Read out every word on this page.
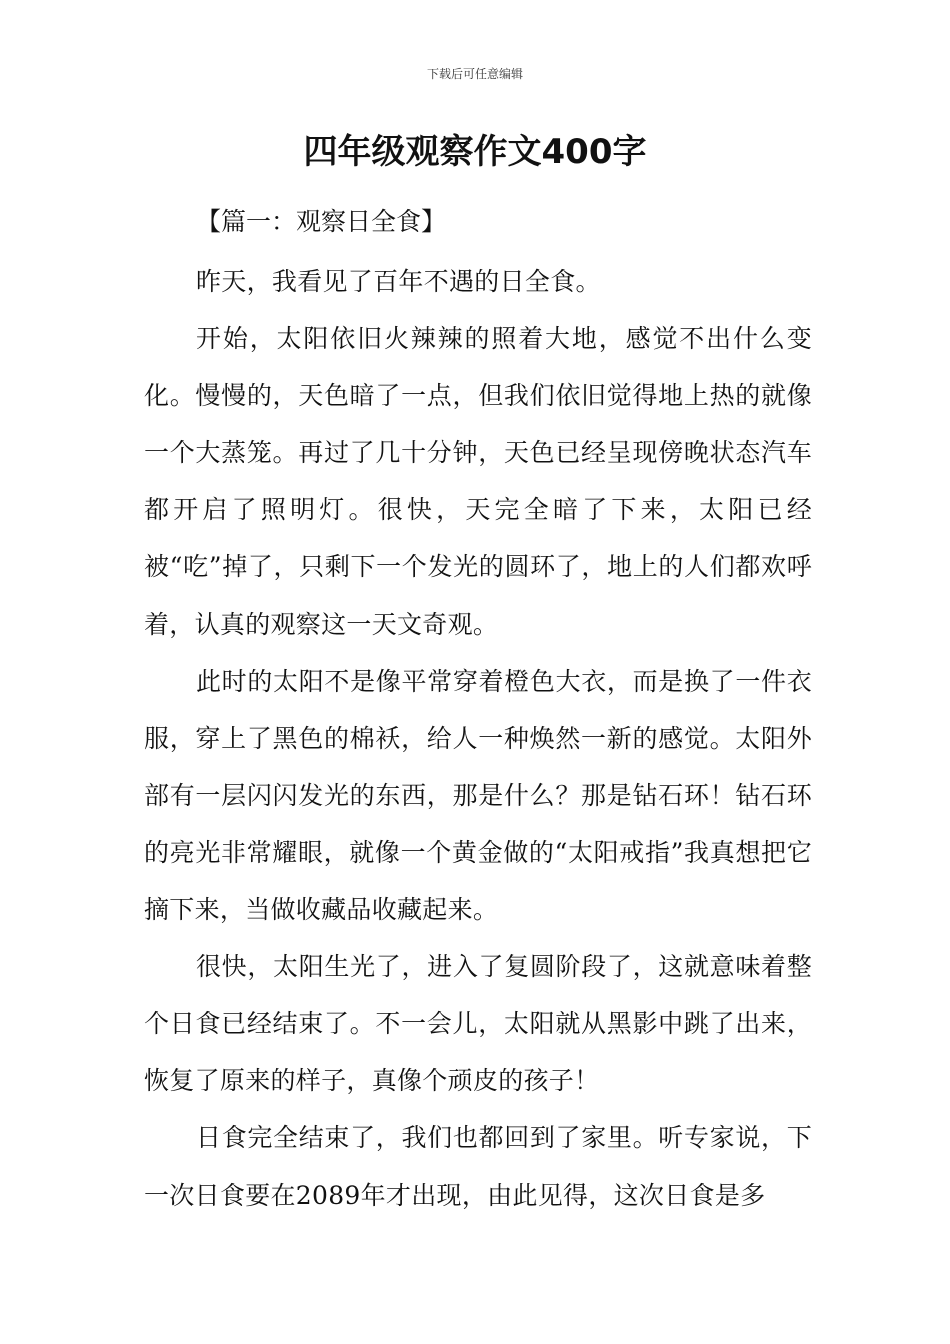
下载后可任意编辑
四年级观察作文400字
【篇一：观察日全食】

昨天，我看见了百年不遇的日全食。

开始，太阳依旧火辣辣的照着大地，感觉不出什么变化。慢慢的，天色暗了一点，但我们依旧觉得地上热的就像一个大蒸笼。再过了几十分钟，天色已经呈现傍晚状态汽车都开启了照明灯。很快，天完全暗了下来，太阳已经被“吃”掉了，只剩下一个发光的圆环了，地上的人们都欢呼着，认真的观察这一天文奇观。

此时的太阳不是像平常穿着橙色大衣，而是换了一件衣服，穿上了黑色的棉袄，给人一种焕然一新的感觉。太阳外部有一层闪闪发光的东西，那是什么？那是钻石环！钻石环的亮光非常耀眼，就像一个黄金做的“太阳戒指”我真想把它摘下来，当做收藏品收藏起来。

很快，太阳生光了，进入了复圆阶段了，这就意味着整个日食已经结束了。不一会儿，太阳就从黑影中跳了出来，恢复了原来的样子，真像个顽皮的孩子！

日食完全结束了，我们也都回到了家里。听专家说，下一次日食要在2089年才出现，由此见得，这次日食是多
